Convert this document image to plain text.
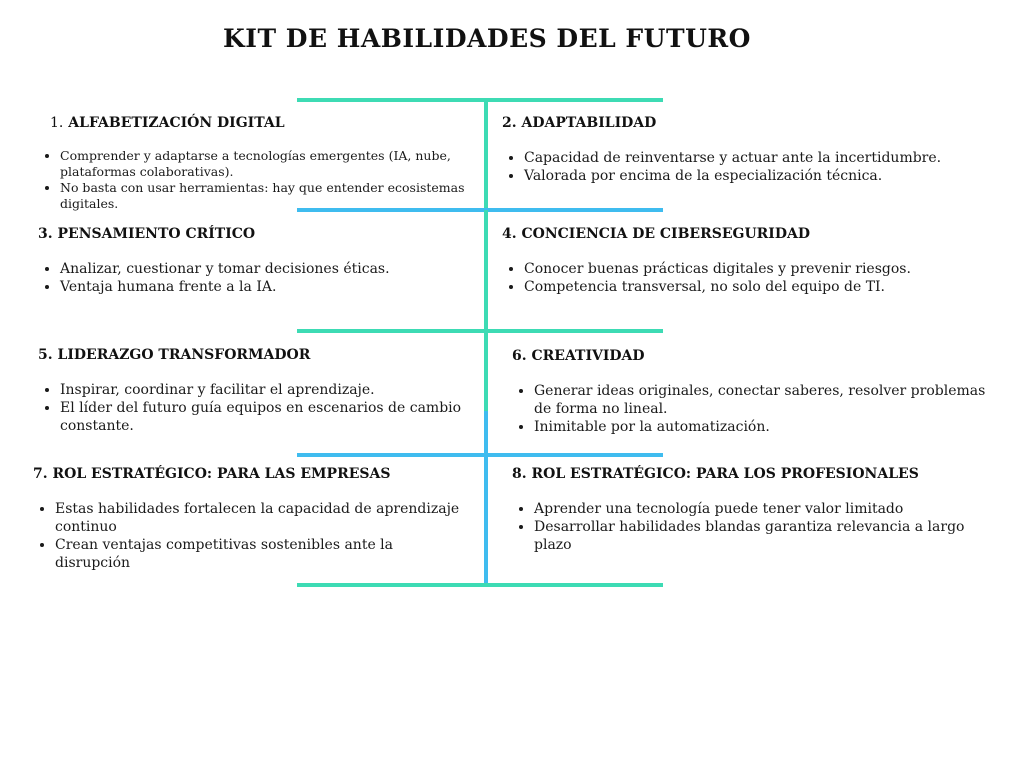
KIT DE HABILIDADES DEL FUTURO
1. ALFABETIZACIÓN DIGITAL
• Comprender y adaptarse a tecnologías emergentes (IA, nube, plataformas colaborativas).
• No basta con usar herramientas: hay que entender ecosistemas digitales.
2. ADAPTABILIDAD
• Capacidad de reinventarse y actuar ante la incertidumbre.
• Valorada por encima de la especialización técnica.
3. PENSAMIENTO CRÍTICO
• Analizar, cuestionar y tomar decisiones éticas.
• Ventaja humana frente a la IA.
4. CONCIENCIA DE CIBERSEGURIDAD
• Conocer buenas prácticas digitales y prevenir riesgos.
• Competencia transversal, no solo del equipo de TI.
5. LIDERAZGO TRANSFORMADOR
• Inspirar, coordinar y facilitar el aprendizaje.
• El líder del futuro guía equipos en escenarios de cambio constante.
6. CREATIVIDAD
• Generar ideas originales, conectar saberes, resolver problemas de forma no lineal.
• Inimitable por la automatización.
7. ROL ESTRATÉGICO: PARA LAS EMPRESAS
• Estas habilidades fortalecen la capacidad de aprendizaje continuo
• Crean ventajas competitivas sostenibles ante la disrupción
8. ROL ESTRATÉGICO: PARA LOS PROFESIONALES
• Aprender una tecnología puede tener valor limitado
• Desarrollar habilidades blandas garantiza relevancia a largo plazo
